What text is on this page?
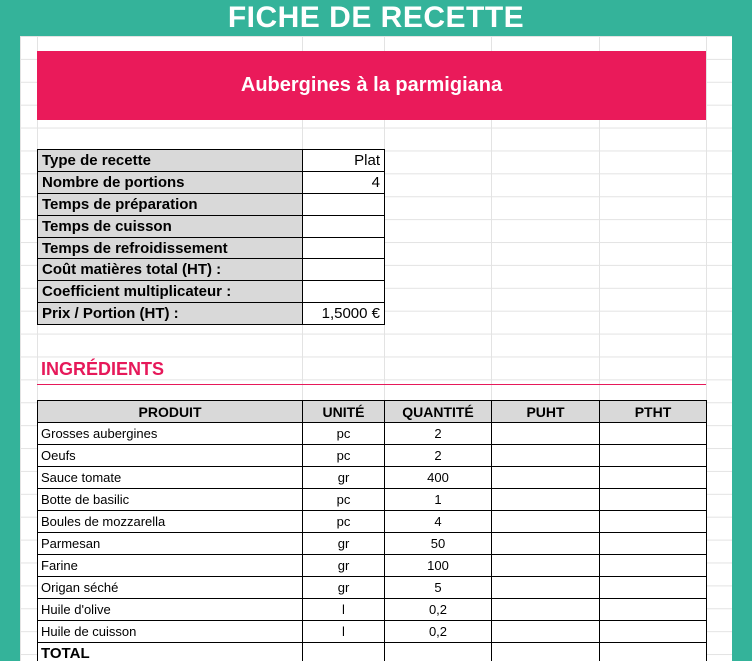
FICHE DE RECETTE
Aubergines à la parmigiana
Type de recette	Plat
Nombre de portions	4
Temps de préparation	
Temps de cuisson	
Temps de refroidissement	
Coût matières total (HT) :	
Coefficient multiplicateur :	
Prix / Portion (HT) :	1,5000 €
INGRÉDIENTS
PRODUIT	UNITÉ	QUANTITÉ	PUHT	PTHT
Grosses aubergines	pc	2		
Oeufs	pc	2		
Sauce tomate	gr	400		
Botte de basilic	pc	1		
Boules de mozzarella	pc	4		
Parmesan	gr	50		
Farine	gr	100		
Origan séché	gr	5		
Huile d'olive	l	0,2		
Huile de cuisson	l	0,2		
TOTAL				
